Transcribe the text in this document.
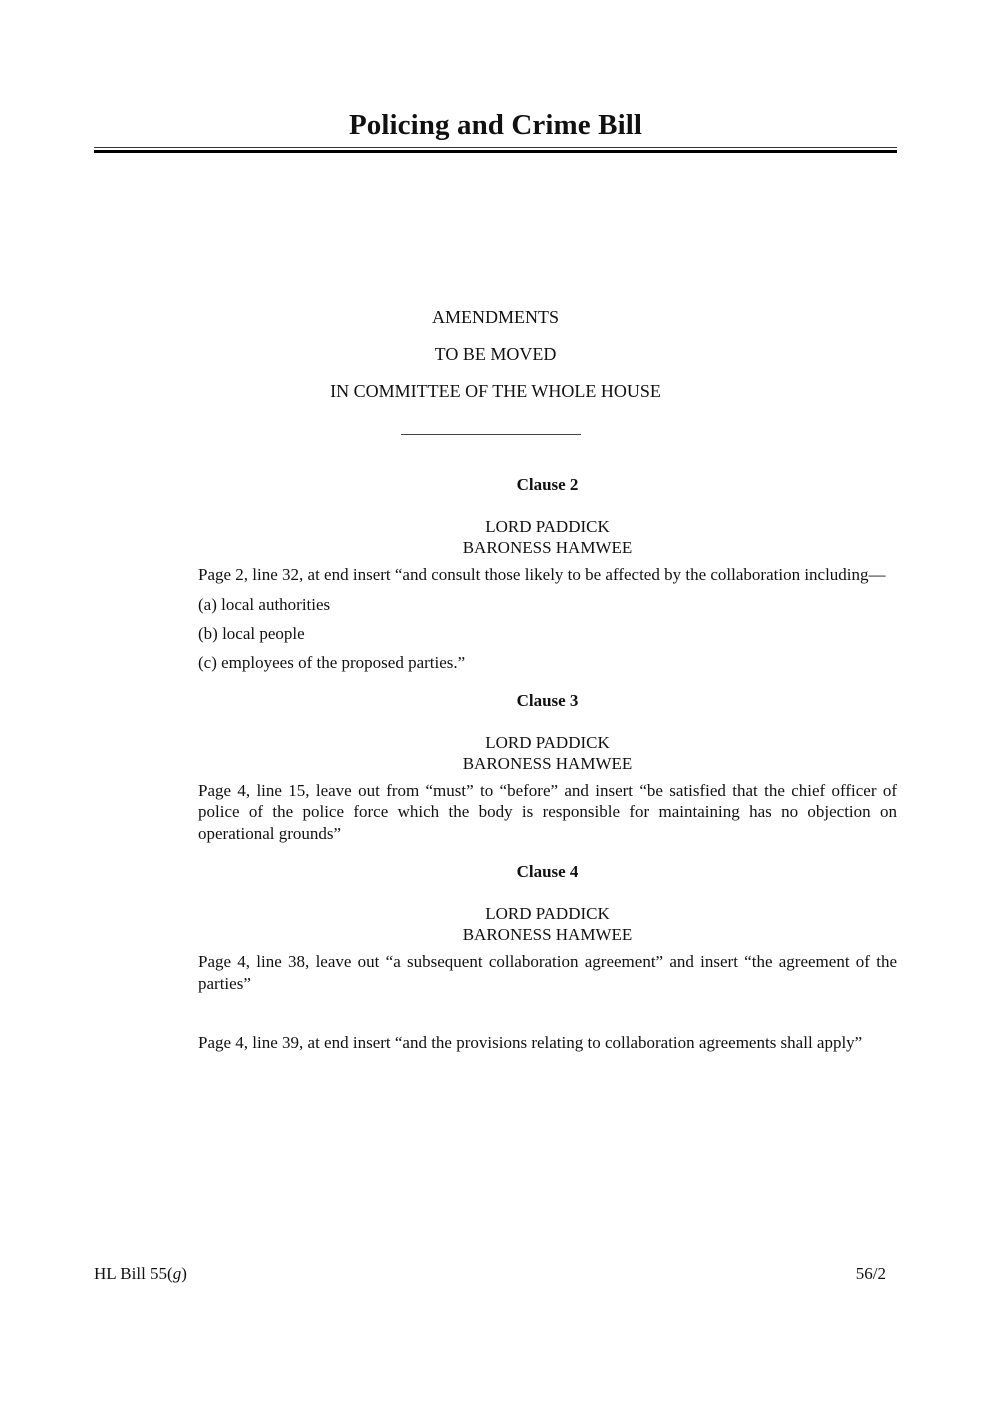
Policing and Crime Bill
AMENDMENTS
TO BE MOVED
IN COMMITTEE OF THE WHOLE HOUSE

Clause 2

LORD PADDICK
BARONESS HAMWEE

Page 2, line 32, at end insert “and consult those likely to be affected by the collaboration including—

(a) local authorities

(b) local people

(c) employees of the proposed parties.”

Clause 3

LORD PADDICK
BARONESS HAMWEE

Page 4, line 15, leave out from “must” to “before” and insert “be satisfied that the chief officer of police of the police force which the body is responsible for maintaining has no objection on operational grounds”

Clause 4

LORD PADDICK
BARONESS HAMWEE

Page 4, line 38, leave out “a subsequent collaboration agreement” and insert “the agreement of the parties”

Page 4, line 39, at end insert “and the provisions relating to collaboration agreements shall apply”

HL Bill 55(g)	56/2
